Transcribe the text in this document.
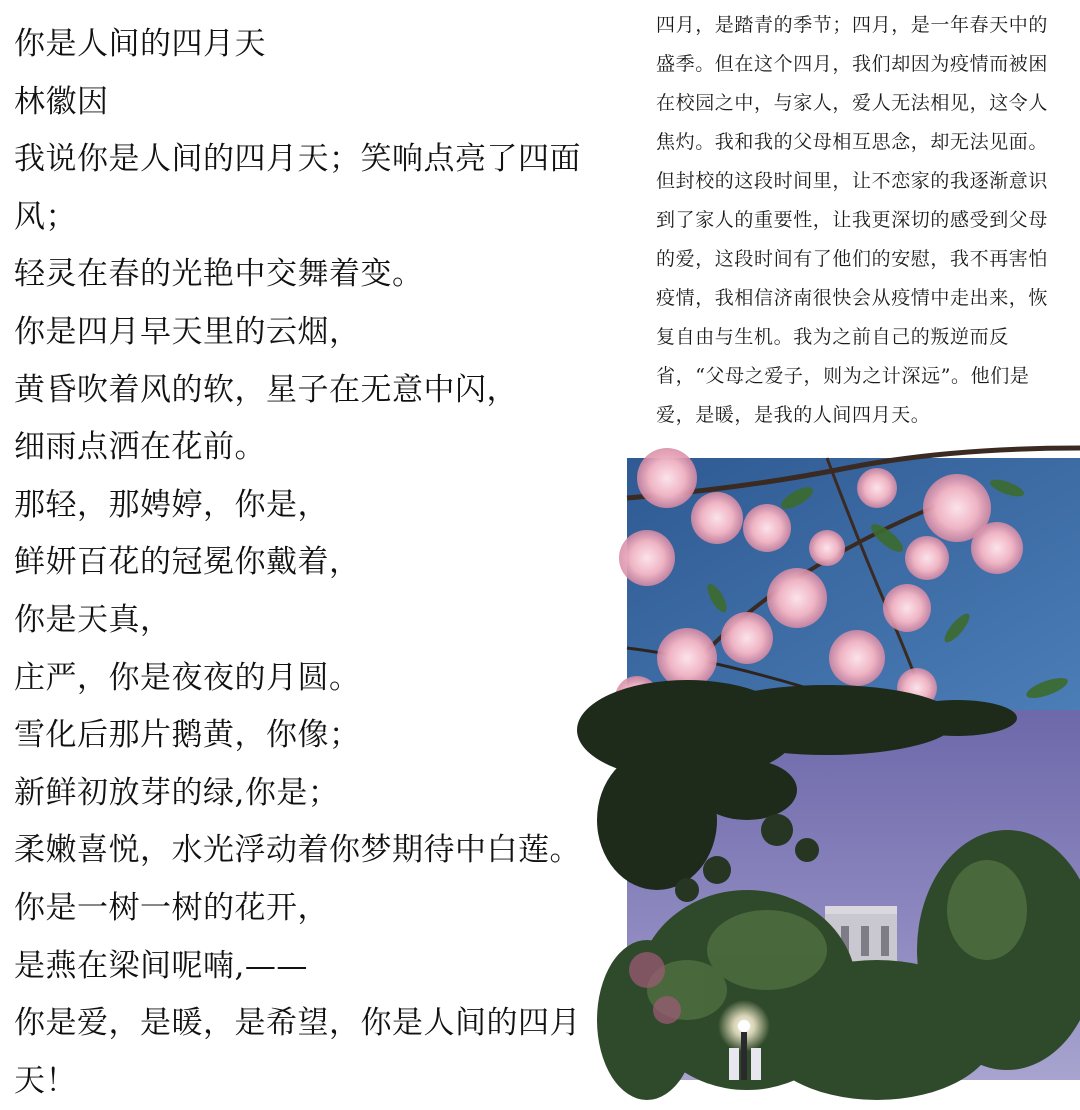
你是人间的四月天

林徽因

我说你是人间的四月天；笑响点亮了四面

风；

轻灵在春的光艳中交舞着变。

你是四月早天里的云烟，

黄昏吹着风的软，星子在无意中闪，

细雨点洒在花前。

那轻，那娉婷，你是，

鲜妍百花的冠冕你戴着，

你是天真，

庄严，你是夜夜的月圆。

雪化后那片鹅黄，你像；

新鲜初放芽的绿,你是；

柔嫩喜悦，水光浮动着你梦期待中白莲。

你是一树一树的花开，

是燕在梁间呢喃,——

你是爱，是暖，是希望，你是人间的四月

天！

四月，是踏青的季节；四月，是一年春天中的盛季。但在这个四月，我们却因为疫情而被困在校园之中，与家人，爱人无法相见，这令人焦灼。我和我的父母相互思念，却无法见面。但封校的这段时间里，让不恋家的我逐渐意识到了家人的重要性，让我更深切的感受到父母的爱，这段时间有了他们的安慰，我不再害怕疫情，我相信济南很快会从疫情中走出来，恢复自由与生机。我为之前自己的叛逆而反省，“父母之爱子，则为之计深远”。他们是爱，是暖，是我的人间四月天。
